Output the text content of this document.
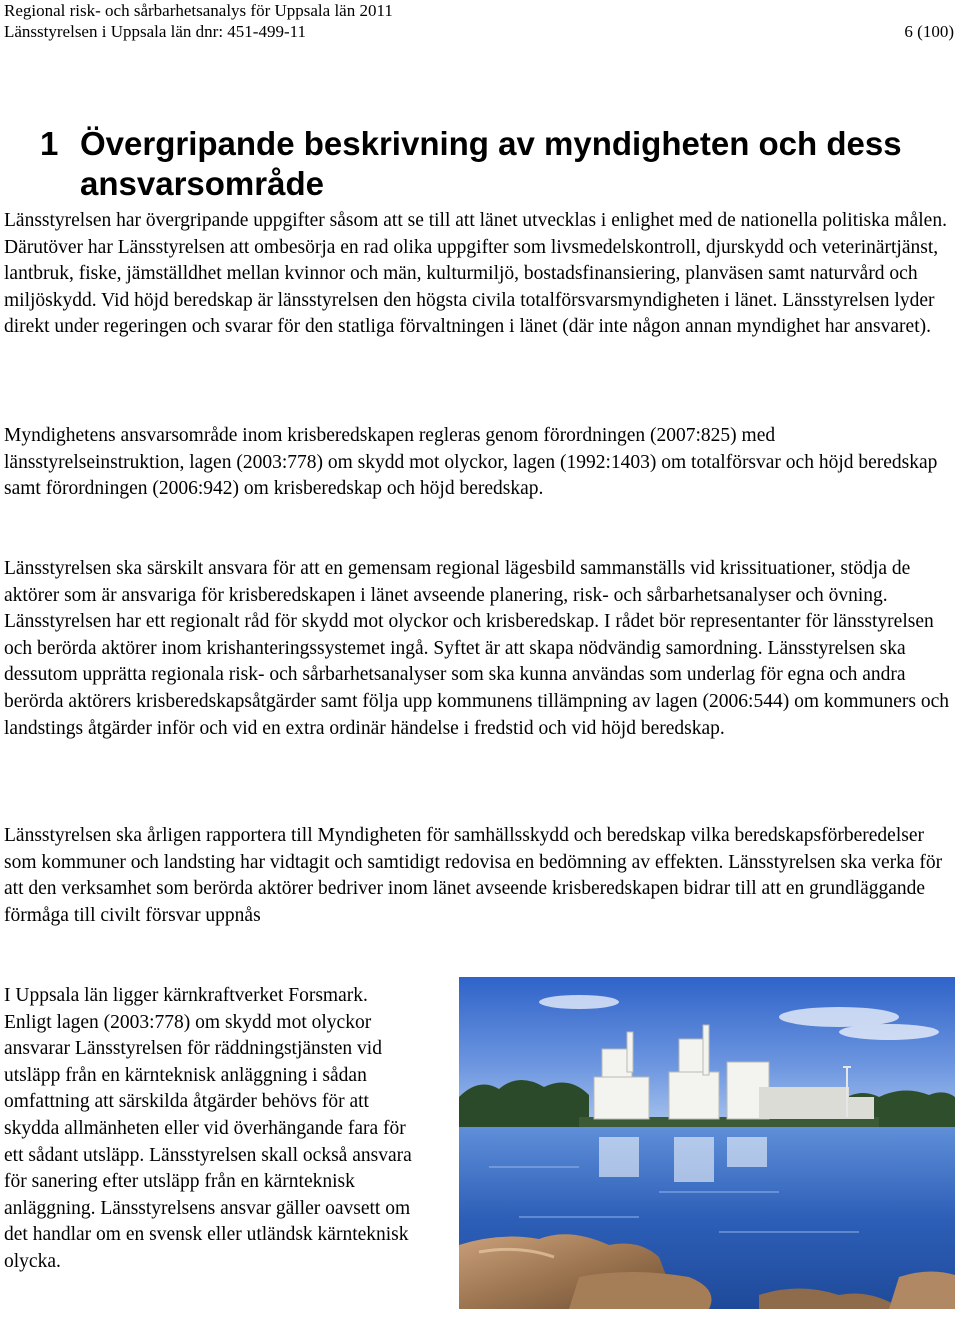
Regional risk- och sårbarhetsanalys för Uppsala län 2011
Länsstyrelsen i Uppsala län dnr: 451-499-11	6 (100)
1 Övergripande beskrivning av myndigheten och dess ansvarsområde

Länsstyrelsen har övergripande uppgifter såsom att se till att länet utvecklas i enlighet med de nationella politiska målen. Därutöver har Länsstyrelsen att ombesörja en rad olika uppgifter som livsmedelskontroll, djurskydd och veterinärtjänst, lantbruk, fiske, jämställdhet mellan kvinnor och män, kulturmiljö, bostadsfinansiering, planväsen samt naturvård och miljöskydd. Vid höjd beredskap är länsstyrelsen den högsta civila totalförsvarsmyndigheten i länet. Länsstyrelsen lyder direkt under regeringen och svarar för den statliga förvaltningen i länet (där inte någon annan myndighet har ansvaret).

Myndighetens ansvarsområde inom krisberedskapen regleras genom förordningen (2007:825) med länsstyrelseinstruktion, lagen (2003:778) om skydd mot olyckor, lagen (1992:1403) om totalförsvar och höjd beredskap samt förordningen (2006:942) om krisberedskap och höjd beredskap.

Länsstyrelsen ska särskilt ansvara för att en gemensam regional lägesbild sammanställs vid krissituationer, stödja de aktörer som är ansvariga för krisberedskapen i länet avseende planering, risk- och sårbarhetsanalyser och övning. Länsstyrelsen har ett regionalt råd för skydd mot olyckor och krisberedskap. I rådet bör representanter för länsstyrelsen och berörda aktörer inom krishanteringssystemet ingå. Syftet är att skapa nödvändig samordning. Länsstyrelsen ska dessutom upprätta regionala risk- och sårbarhetsanalyser som ska kunna användas som underlag för egna och andra berörda aktörers krisberedskapsåtgärder samt följa upp kommunens tillämpning av lagen (2006:544) om kommuners och landstings åtgärder inför och vid en extra ordinär händelse i fredstid och vid höjd beredskap.

Länsstyrelsen ska årligen rapportera till Myndigheten för samhällsskydd och beredskap vilka beredskapsförberedelser som kommuner och landsting har vidtagit och samtidigt redovisa en bedömning av effekten. Länsstyrelsen ska verka för att den verksamhet som berörda aktörer bedriver inom länet avseende krisberedskapen bidrar till att en grundläggande förmåga till civilt försvar uppnås

I Uppsala län ligger kärnkraftverket Forsmark. Enligt lagen (2003:778) om skydd mot olyckor ansvarar Länsstyrelsen för räddningstjänsten vid utsläpp från en kärnteknisk anläggning i sådan omfattning att särskilda åtgärder behövs för att skydda allmänheten eller vid överhängande fara för ett sådant utsläpp. Länsstyrelsen skall också ansvara för sanering efter utsläpp från en kärnteknisk anläggning. Länsstyrelsens ansvar gäller oavsett om det handlar om en svensk eller utländsk kärnteknisk olycka.
